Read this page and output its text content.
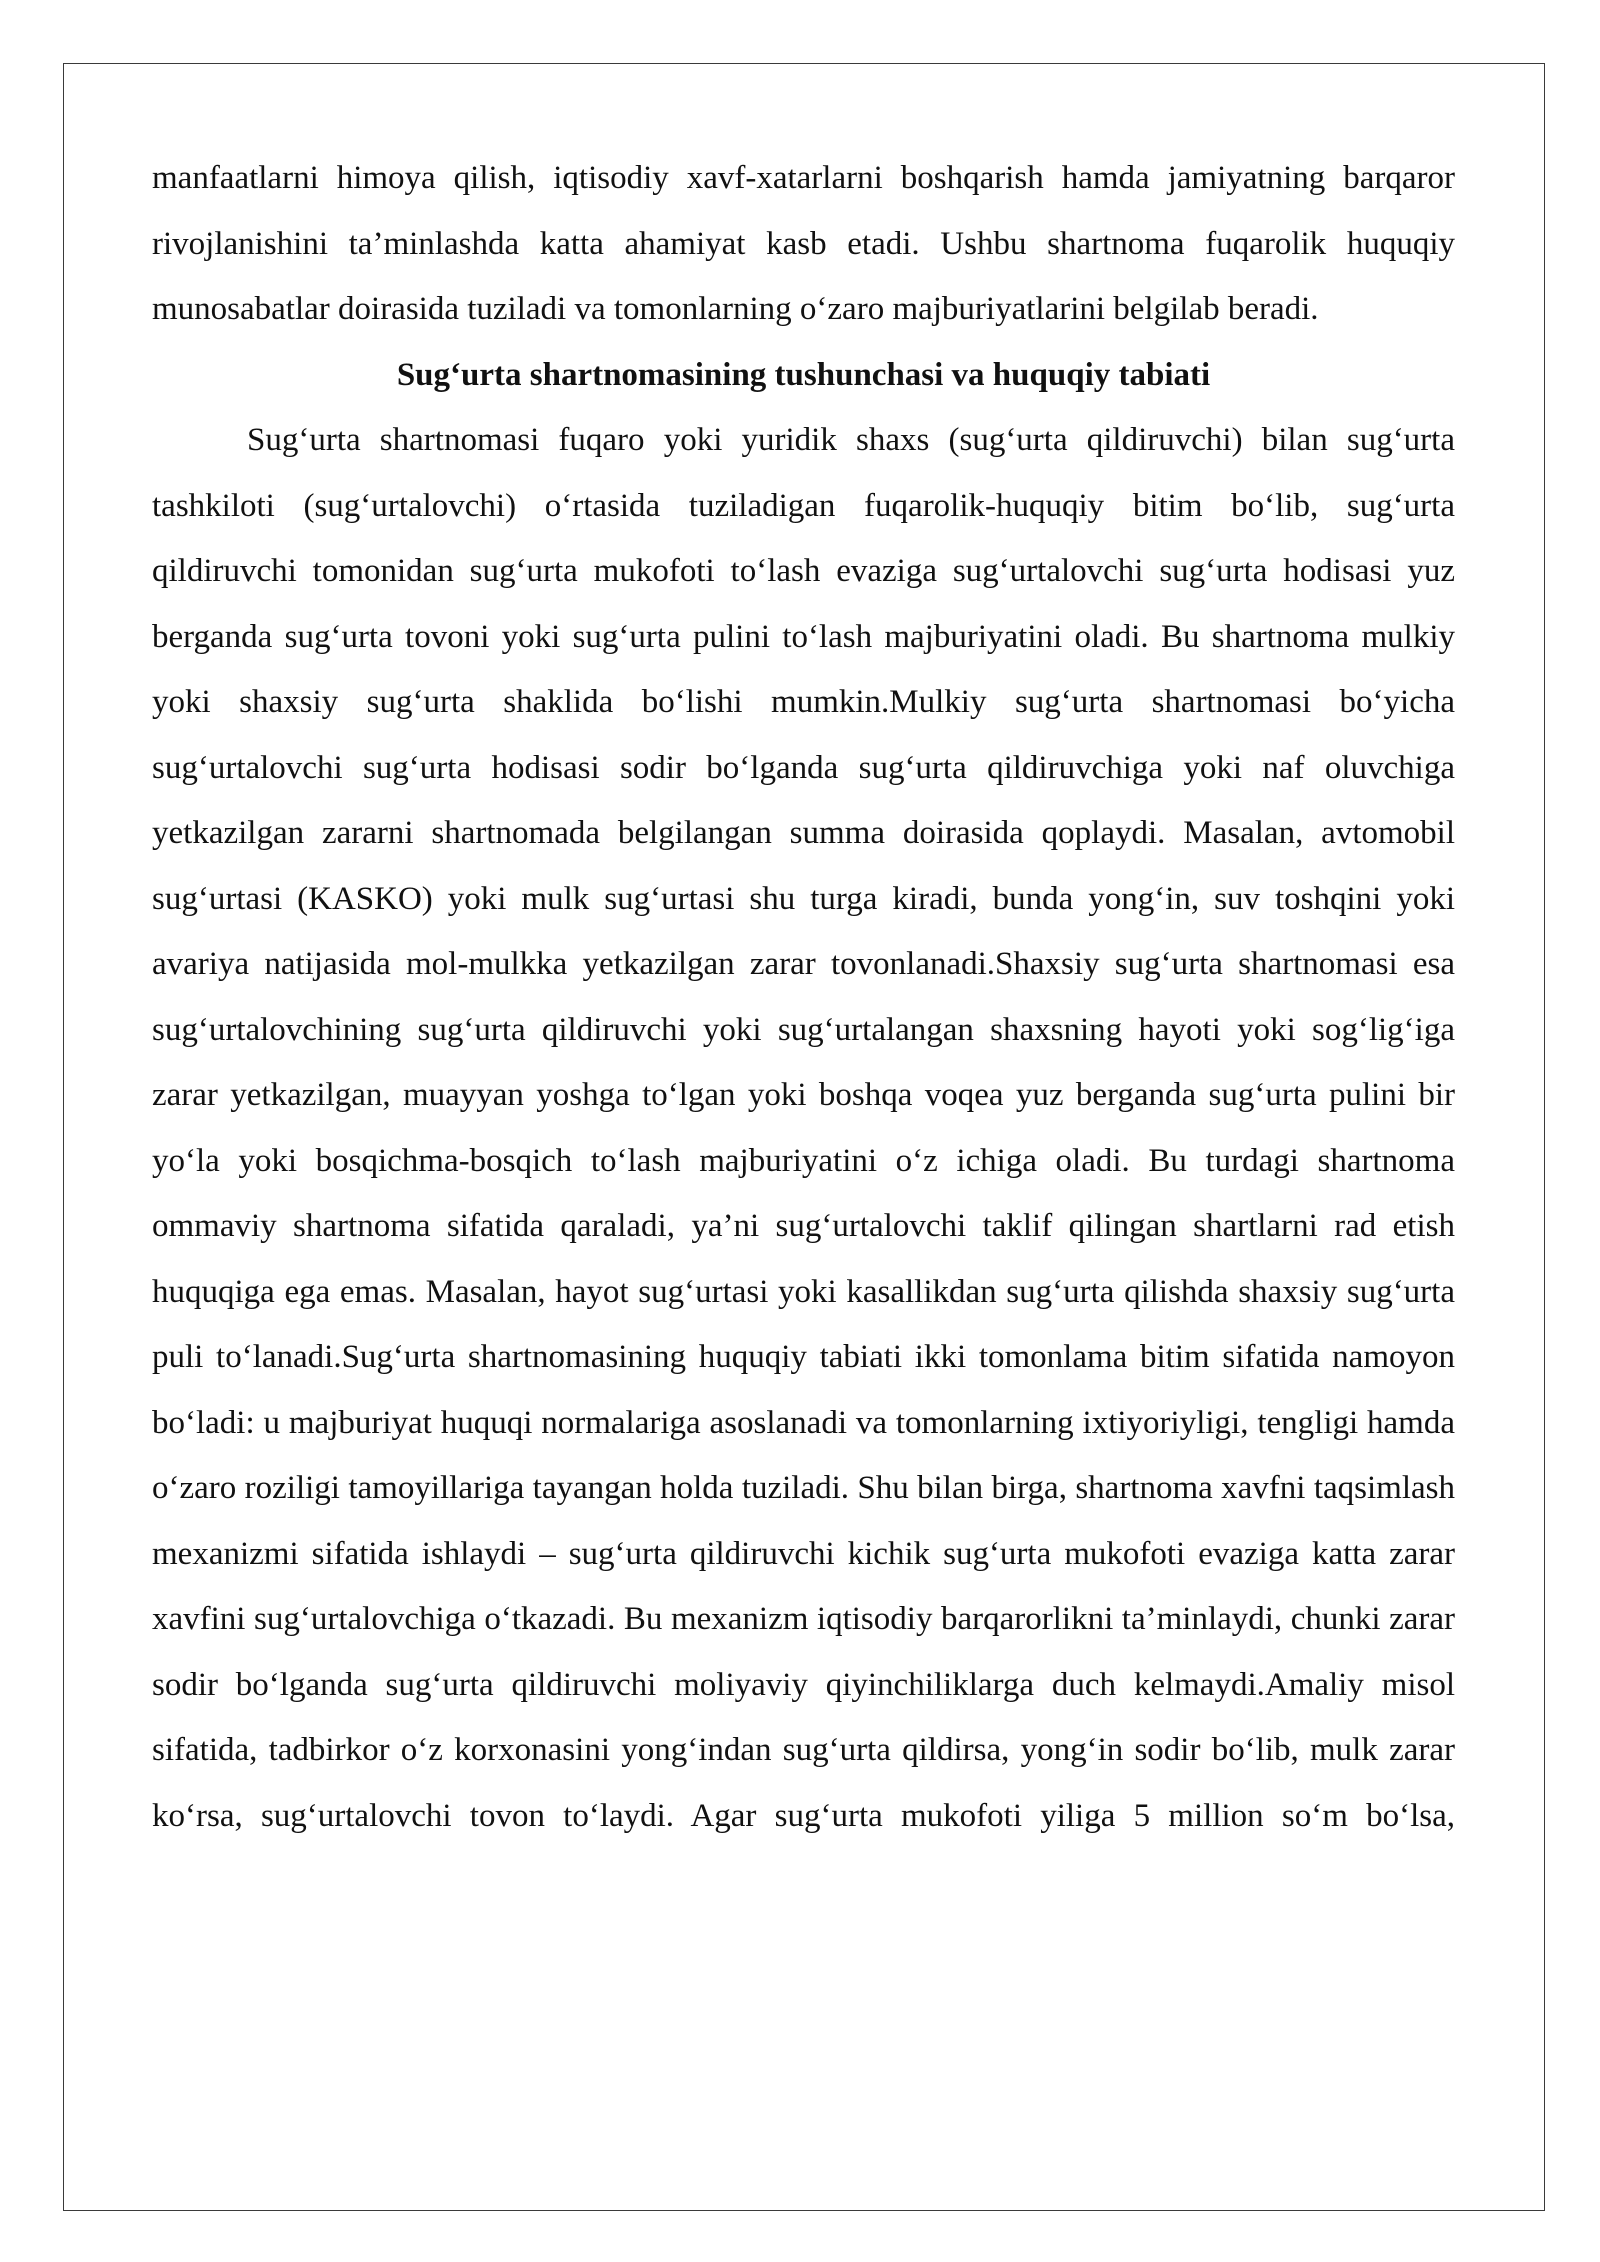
manfaatlarni himoya qilish, iqtisodiy xavf-xatarlarni boshqarish hamda jamiyatning barqaror rivojlanishini ta’minlashda katta ahamiyat kasb etadi. Ushbu shartnoma fuqarolik huquqiy munosabatlar doirasida tuziladi va tomonlarning o‘zaro majburiyatlarini belgilab beradi.

Sug‘urta shartnomasining tushunchasi va huquqiy tabiati

Sug‘urta shartnomasi fuqaro yoki yuridik shaxs (sug‘urta qildiruvchi) bilan sug‘urta tashkiloti (sug‘urtalovchi) o‘rtasida tuziladigan fuqarolik-huquqiy bitim bo‘lib, sug‘urta qildiruvchi tomonidan sug‘urta mukofoti to‘lash evaziga sug‘urtalovchi sug‘urta hodisasi yuz berganda sug‘urta tovoni yoki sug‘urta pulini to‘lash majburiyatini oladi. Bu shartnoma mulkiy yoki shaxsiy sug‘urta shaklida bo‘lishi mumkin.Mulkiy sug‘urta shartnomasi bo‘yicha sug‘urtalovchi sug‘urta hodisasi sodir bo‘lganda sug‘urta qildiruvchiga yoki naf oluvchiga yetkazilgan zararni shartnomada belgilangan summa doirasida qoplaydi. Masalan, avtomobil sug‘urtasi (KASKO) yoki mulk sug‘urtasi shu turga kiradi, bunda yong‘in, suv toshqini yoki avariya natijasida mol-mulkka yetkazilgan zarar tovonlanadi.Shaxsiy sug‘urta shartnomasi esa sug‘urtalovchining sug‘urta qildiruvchi yoki sug‘urtalangan shaxsning hayoti yoki sog‘lig‘iga zarar yetkazilgan, muayyan yoshga to‘lgan yoki boshqa voqea yuz berganda sug‘urta pulini bir yo‘la yoki bosqichma-bosqich to‘lash majburiyatini o‘z ichiga oladi. Bu turdagi shartnoma ommaviy shartnoma sifatida qaraladi, ya’ni sug‘urtalovchi taklif qilingan shartlarni rad etish huquqiga ega emas. Masalan, hayot sug‘urtasi yoki kasallikdan sug‘urta qilishda shaxsiy sug‘urta puli to‘lanadi.Sug‘urta shartnomasining huquqiy tabiati ikki tomonlama bitim sifatida namoyon bo‘ladi: u majburiyat huquqi normalariga asoslanadi va tomonlarning ixtiyoriyligi, tengligi hamda o‘zaro roziligi tamoyillariga tayangan holda tuziladi. Shu bilan birga, shartnoma xavfni taqsimlash mexanizmi sifatida ishlaydi – sug‘urta qildiruvchi kichik sug‘urta mukofoti evaziga katta zarar xavfini sug‘urtalovchiga o‘tkazadi. Bu mexanizm iqtisodiy barqarorlikni ta’minlaydi, chunki zarar sodir bo‘lganda sug‘urta qildiruvchi moliyaviy qiyinchiliklarga duch kelmaydi.Amaliy misol sifatida, tadbirkor o‘z korxonasini yong‘indan sug‘urta qildirsa, yong‘in sodir bo‘lib, mulk zarar ko‘rsa, sug‘urtalovchi tovon to‘laydi. Agar sug‘urta mukofoti yiliga 5 million so‘m bo‘lsa,
